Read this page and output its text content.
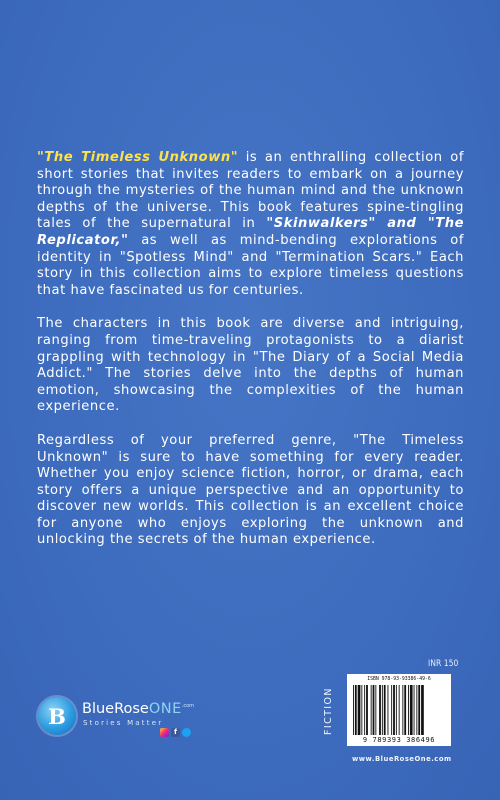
"The Timeless Unknown" is an enthralling collection of short stories that invites readers to embark on a journey through the mysteries of the human mind and the unknown depths of the universe. This book features spine-tingling tales of the supernatural in "Skinwalkers" and "The Replicator," as well as mind-bending explorations of identity in "Spotless Mind" and "Termination Scars." Each story in this collection aims to explore timeless questions that have fascinated us for centuries.

The characters in this book are diverse and intriguing, ranging from time-traveling protagonists to a diarist grappling with technology in "The Diary of a Social Media Addict." The stories delve into the depths of human emotion, showcasing the complexities of the human experience.

Regardless of your preferred genre, "The Timeless Unknown" is sure to have something for every reader. Whether you enjoy science fiction, horror, or drama, each story offers a unique perspective and an opportunity to discover new worlds. This collection is an excellent choice for anyone who enjoys exploring the unknown and unlocking the secrets of the human experience.

B	BlueRoseONE$^{.com}$
Stories Matter
f
INR 150
FICTION
ISBN 978-93-93386-49-6
9 789393 386496
www.BlueRoseOne.com
